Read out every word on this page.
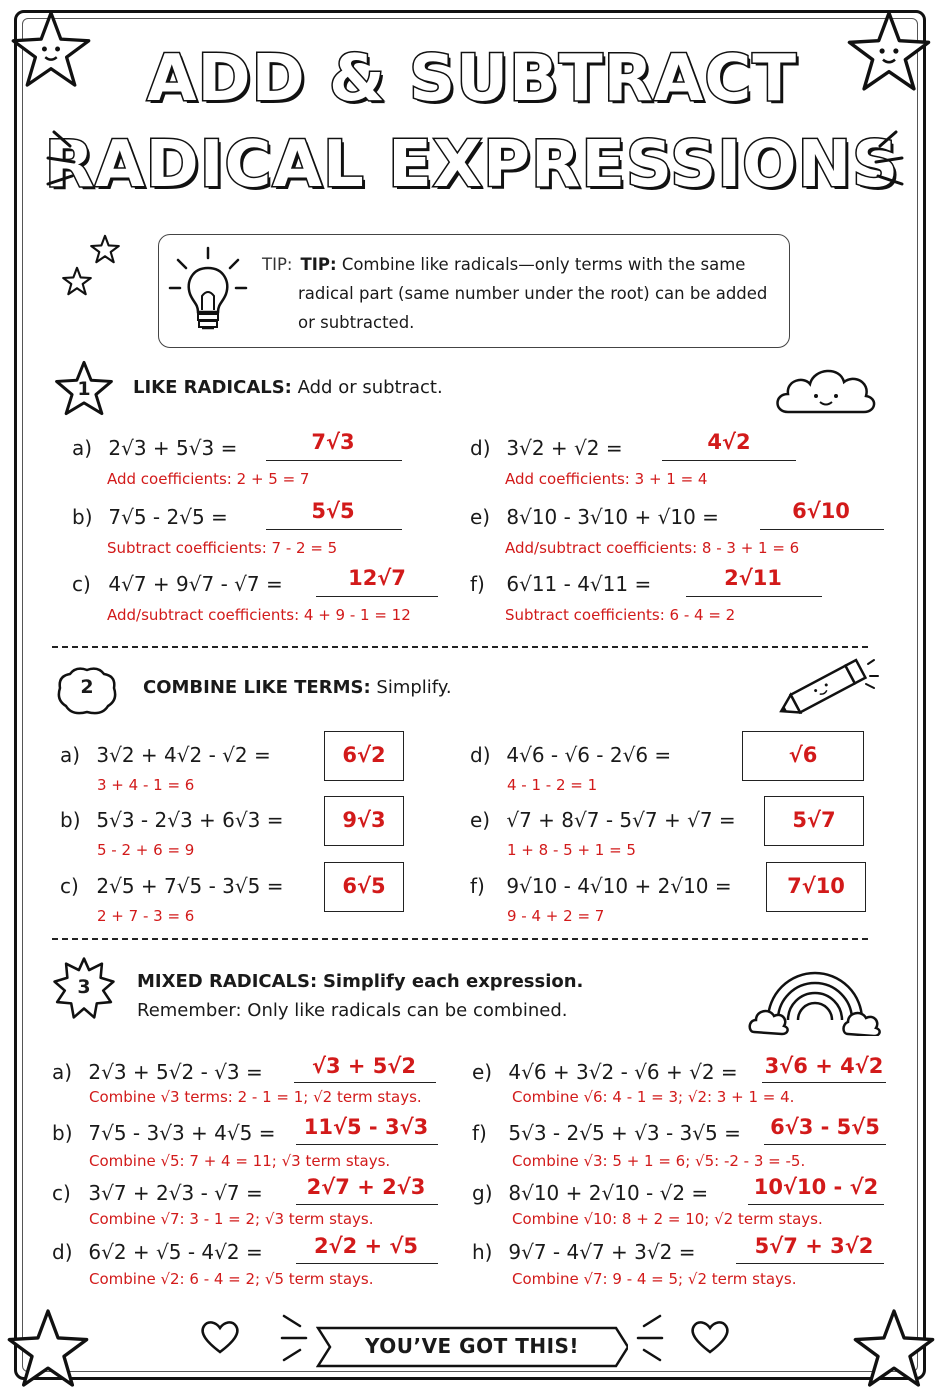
ADD & SUBTRACT
RADICAL EXPRESSIONS
TIP: TIP: Combine like radicals—only terms with the same
radical part (same number under the root) can be added
or subtracted.
1	LIKE RADICALS: Add or subtract.
a) 2√3 + 5√3 =	7√3
Add coefficients: 2 + 5 = 7
b) 7√5 - 2√5 =	5√5
Subtract coefficients: 7 - 2 = 5
c) 4√7 + 9√7 - √7 =	12√7
Add/subtract coefficients: 4 + 9 - 1 = 12
d) 3√2 + √2 =	4√2
Add coefficients: 3 + 1 = 4
e) 8√10 - 3√10 + √10 =	6√10
Add/subtract coefficients: 8 - 3 + 1 = 6
f) 6√11 - 4√11 =	2√11
Subtract coefficients: 6 - 4 = 2
2	COMBINE LIKE TERMS: Simplify.
a) 3√2 + 4√2 - √2 =	6√2
3 + 4 - 1 = 6
b) 5√3 - 2√3 + 6√3 =	9√3
5 - 2 + 6 = 9
c) 2√5 + 7√5 - 3√5 =	6√5
2 + 7 - 3 = 6
d) 4√6 - √6 - 2√6 =	√6
4 - 1 - 2 = 1
e) √7 + 8√7 - 5√7 + √7 =	5√7
1 + 8 - 5 + 1 = 5
f) 9√10 - 4√10 + 2√10 =	7√10
9 - 4 + 2 = 7
3	MIXED RADICALS: Simplify each expression.
Remember: Only like radicals can be combined.
a) 2√3 + 5√2 - √3 =	√3 + 5√2
Combine √3 terms: 2 - 1 = 1; √2 term stays.
b) 7√5 - 3√3 + 4√5 =	11√5 - 3√3
Combine √5: 7 + 4 = 11; √3 term stays.
c) 3√7 + 2√3 - √7 =	2√7 + 2√3
Combine √7: 3 - 1 = 2; √3 term stays.
d) 6√2 + √5 - 4√2 =	2√2 + √5
Combine √2: 6 - 4 = 2; √5 term stays.
e) 4√6 + 3√2 - √6 + √2 = 3√6 + 4√2
Combine √6: 4 - 1 = 3; √2: 3 + 1 = 4.
f) 5√3 - 2√5 + √3 - 3√5 = 6√3 - 5√5
Combine √3: 5 + 1 = 6; √5: -2 - 3 = -5.
g) 8√10 + 2√10 - √2 = 10√10 - √2
Combine √10: 8 + 2 = 10; √2 term stays.
h) 9√7 - 4√7 + 3√2 =	5√7 + 3√2
Combine √7: 9 - 4 = 5; √2 term stays.
YOU’VE GOT THIS!
